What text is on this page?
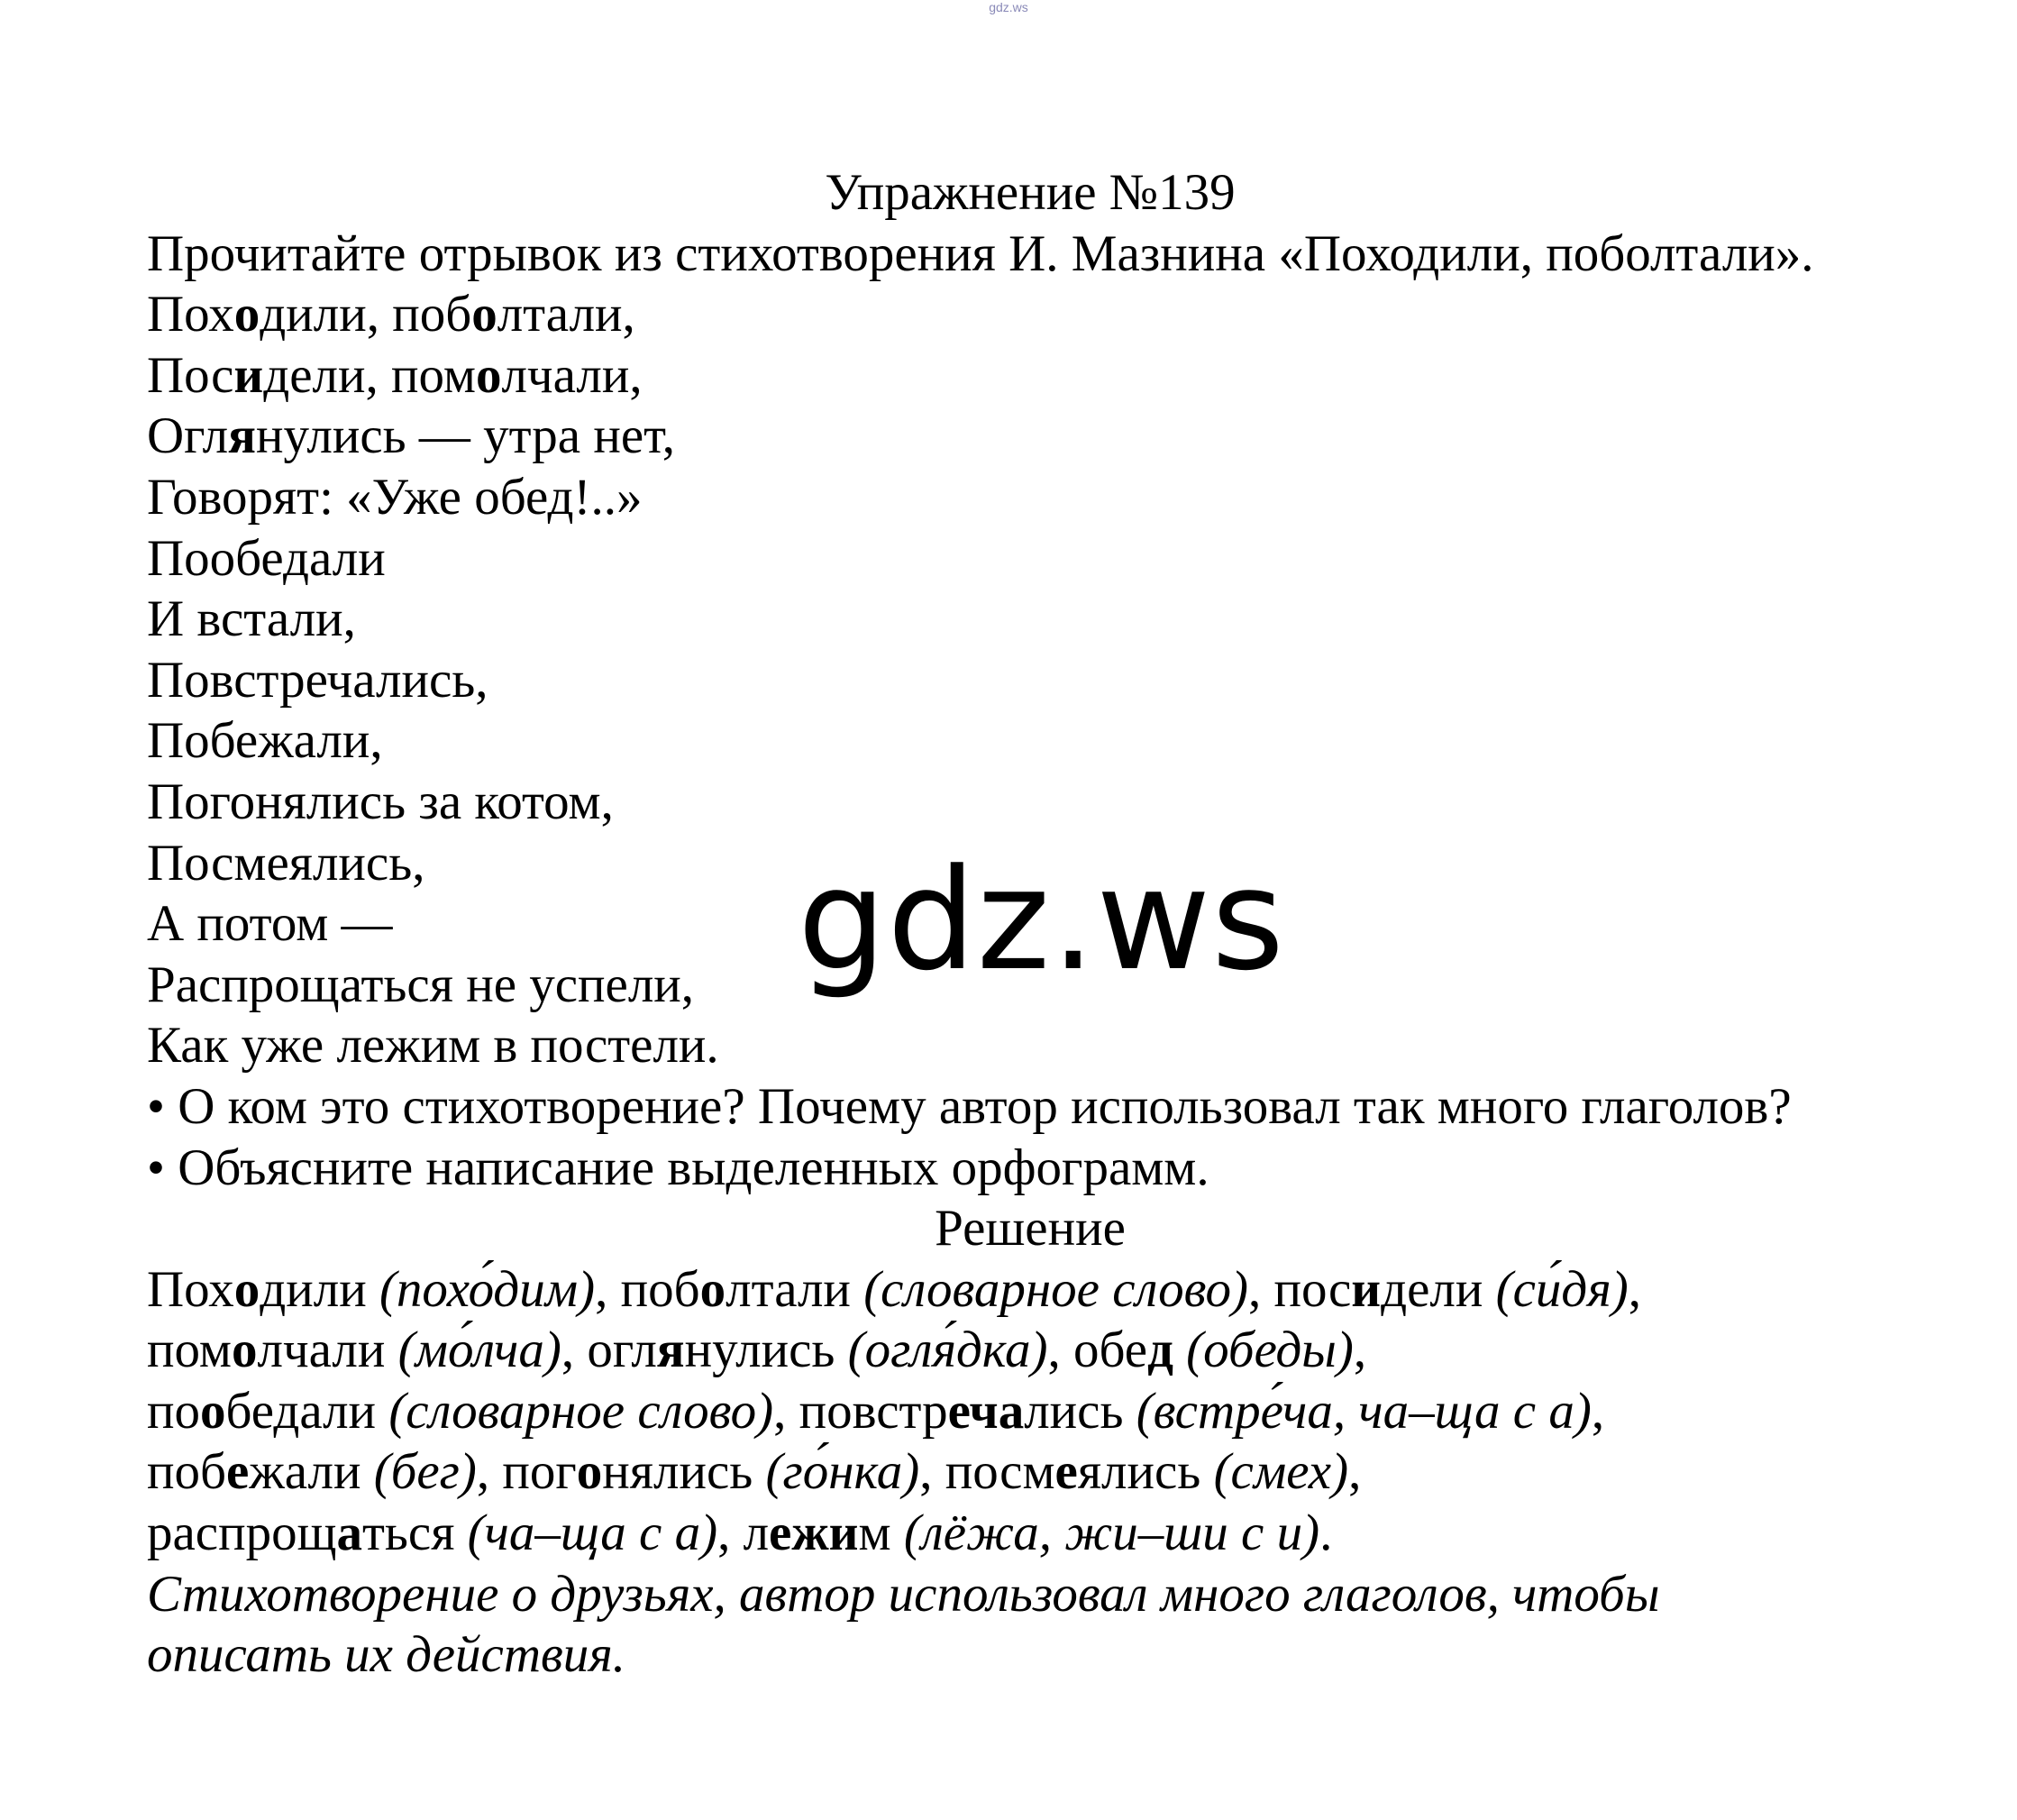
gdz.ws
Упражнение №139
Прочитайте отрывок из стихотворения И. Мазнина «Походили, поболтали».
Походили, поболтали,
Посидели, помолчали,
Оглянулись — утра нет,
Говорят: «Уже обед!..»
Пообедали
И встали,
Повстречались,
Побежали,
Погонялись за котом,
Посмеялись,
А потом —
Распрощаться не успели,
Как уже лежим в постели.
• О ком это стихотворение? Почему автор использовал так много глаголов?
• Объясните написание выделенных орфограмм.
Решение
Походили (похо́дим), поболтали (словарное слово), посидели (си́дя),
помолчали (мо́лча), оглянулись (огля́дка), обед (обеды),
пообедали (словарное слово), повстречались (встре́ча, ча–ща с а),
побежали (бег), погонялись (го́нка), посмеялись (смех),
распрощаться (ча–ща с а), лежим (лёжа, жи–ши с и).
Стихотворение о друзьях, автор использовал много глаголов, чтобы
описать их действия.
gdz.ws
